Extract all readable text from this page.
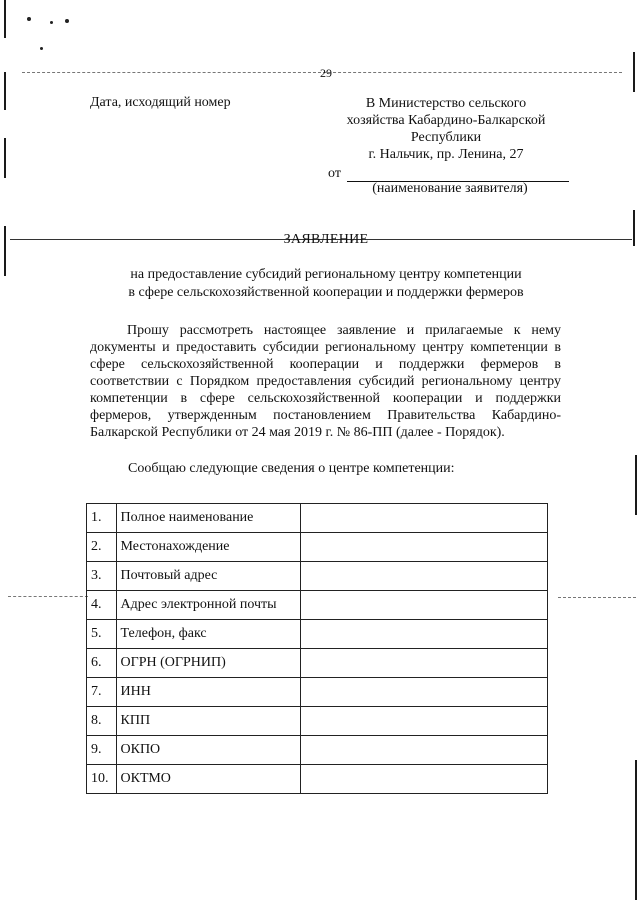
29
Дата, исходящий номер	В Министерство сельского
хозяйства Кабардино-Балкарской
Республики
г. Нальчик, пр. Ленина, 27
от
(наименование заявителя)
ЗАЯВЛЕНИЕ
на предоставление субсидий региональному центру компетенции
в сфере сельскохозяйственной кооперации и поддержки фермеров
Прошу рассмотреть настоящее заявление и прилагаемые к нему документы и предоставить субсидии региональному центру компетенции в сфере сельскохозяйственной кооперации и поддержки фермеров в соответствии с Порядком предоставления субсидий региональному центру компетенции в сфере сельскохозяйственной кооперации и поддержки фермеров, утвержденным постановлением Правительства Кабардино-Балкарской Республики от 24 мая 2019 г. № 86-ПП (далее - Порядок).
Сообщаю следующие сведения о центре компетенции:
1.	Полное наименование	
2.	Местонахождение	
3.	Почтовый адрес	
4.	Адрес электронной почты	
5.	Телефон, факс	
6.	ОГРН (ОГРНИП)	
7.	ИНН	
8.	КПП	
9.	ОКПО	
10.	ОКТМО	
